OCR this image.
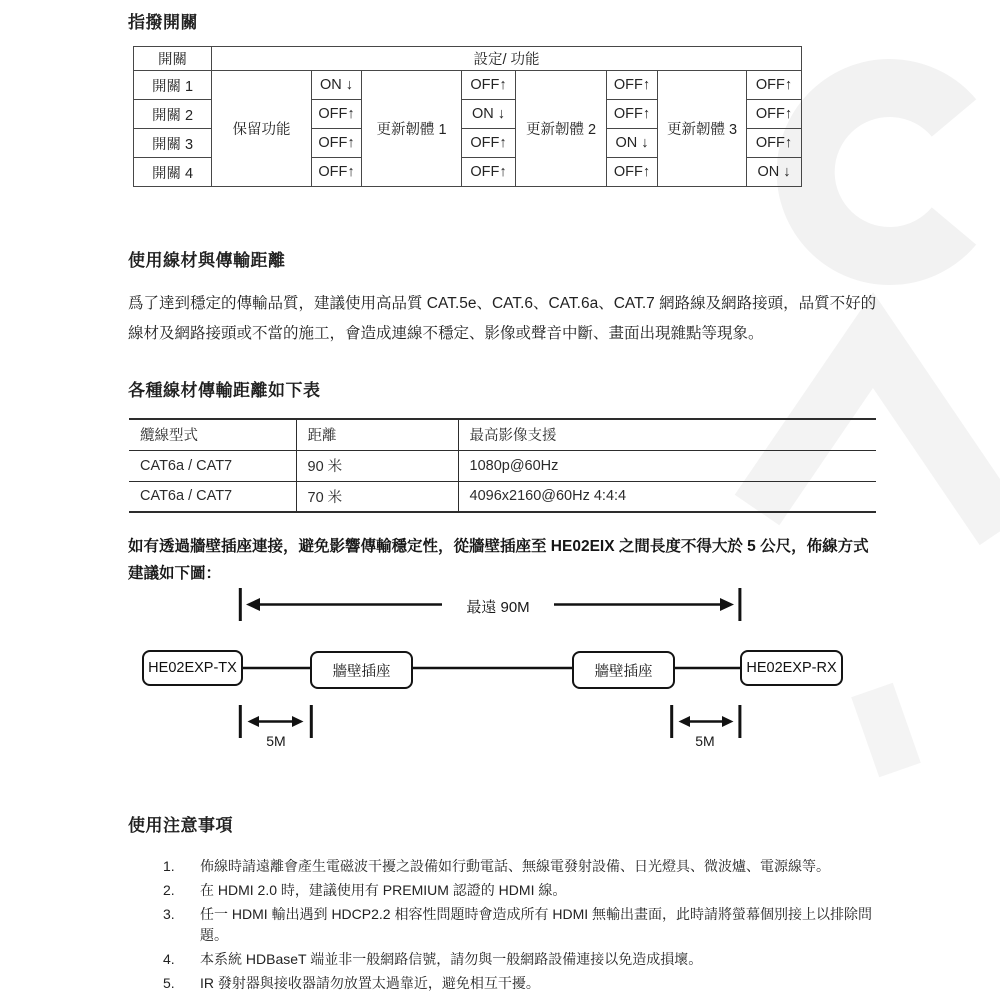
指撥開關
開關	設定/ 功能							
開關 1	保留功能	ON ↓	更新韌體 1	OFF↑	更新韌體 2	OFF↑	更新韌體 3	OFF↑
開關 2		OFF↑		ON ↓		OFF↑		OFF↑
開關 3		OFF↑		OFF↑		ON ↓		OFF↑
開關 4		OFF↑		OFF↑		OFF↑		ON ↓
使用線材與傳輸距離
爲了達到穩定的傳輸品質，建議使用高品質 CAT.5e、CAT.6、CAT.6a、CAT.7 網路線及網路接頭，品質不好的線材及網路接頭或不當的施工，會造成連線不穩定、影像或聲音中斷、畫面出現雜點等現象。
各種線材傳輸距離如下表
纜線型式	距離	最高影像支援
CAT6a / CAT7	90 米	1080p@60Hz
CAT6a / CAT7	70 米	4096x2160@60Hz 4:4:4
如有透過牆壁插座連接，避免影響傳輸穩定性，從牆壁插座至 HE02EIX 之間長度不得大於 5 公尺，佈線方式建議如下圖：
最遠 90M
HE02EXP-TX	牆壁插座	牆壁插座	HE02EXP-RX
5M	5M
使用注意事項
1.	佈線時請遠離會產生電磁波干擾之設備如行動電話、無線電發射設備、日光燈具、微波爐、電源線等。
2.	在 HDMI 2.0 時，建議使用有 PREMIUM 認證的 HDMI 線。
3.	任一 HDMI 輸出遇到 HDCP2.2 相容性問題時會造成所有 HDMI 無輸出畫面，此時請將螢幕個別接上以排除問題。
4.	本系統 HDBaseT 端並非一般網路信號，請勿與一般網路設備連接以免造成損壞。
5.	IR 發射器與接收器請勿放置太過靠近，避免相互干擾。
